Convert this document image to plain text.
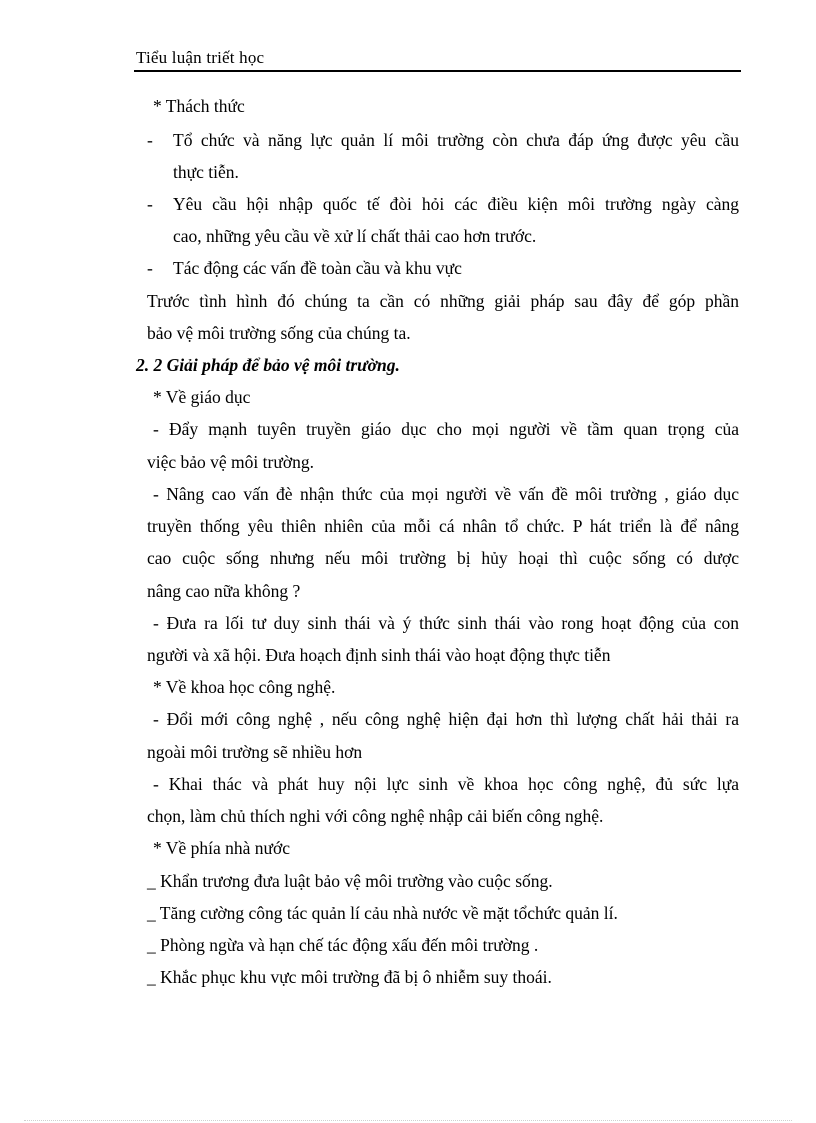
Tiểu luận triết học
* Thách thức
- Tổ chức và năng lực quản lí môi trường còn chưa đáp ứng được yêu cầu
thực tiễn.
- Yêu cầu hội nhập quốc tế đòi hỏi các điều kiện môi trường ngày càng
cao, những yêu cầu về xử lí chất thải cao hơn trước.
- Tác động các vấn đề toàn cầu và khu vực
Trước tình hình đó chúng ta cần có những giải pháp sau đây để góp phần
bảo vệ môi trường sống của chúng ta.
2. 2 Giải pháp để bảo vệ môi trường.
* Về giáo dục
- Đẩy mạnh tuyên truyền giáo dục cho mọi người về tầm quan trọng của
việc bảo vệ môi trường.
- Nâng cao vấn đè nhận thức của mọi người về vấn đề môi trường , giáo dục
truyền thống yêu thiên nhiên của mỗi cá nhân tổ chức. P hát triển là để nâng
cao cuộc sống nhưng nếu môi trường bị hủy hoại thì cuộc sống có dược
nâng cao nữa không ?
- Đưa ra lối tư duy sinh thái và ý thức sinh thái vào rong hoạt động của con
người và xã hội. Đưa hoạch định sinh thái vào hoạt động thực tiễn
* Về khoa học công nghệ.
- Đổi mới công nghệ , nếu công nghệ hiện đại hơn thì lượng chất hải thải ra
ngoài môi trường sẽ nhiều hơn
- Khai thác và phát huy nội lực sinh về khoa học công nghệ, đủ sức lựa
chọn, làm chủ thích nghi với công nghệ nhập cải biến công nghệ.
* Về phía nhà nước
_ Khẩn trương đưa luật bảo vệ môi trường vào cuộc sống.
_ Tăng cường công tác quản lí cảu nhà nước về mặt tổchức quản lí.
_ Phòng ngừa và hạn chế tác động xấu đến môi trường .
_ Khắc phục khu vực môi trường đã bị ô nhiễm suy thoái.
